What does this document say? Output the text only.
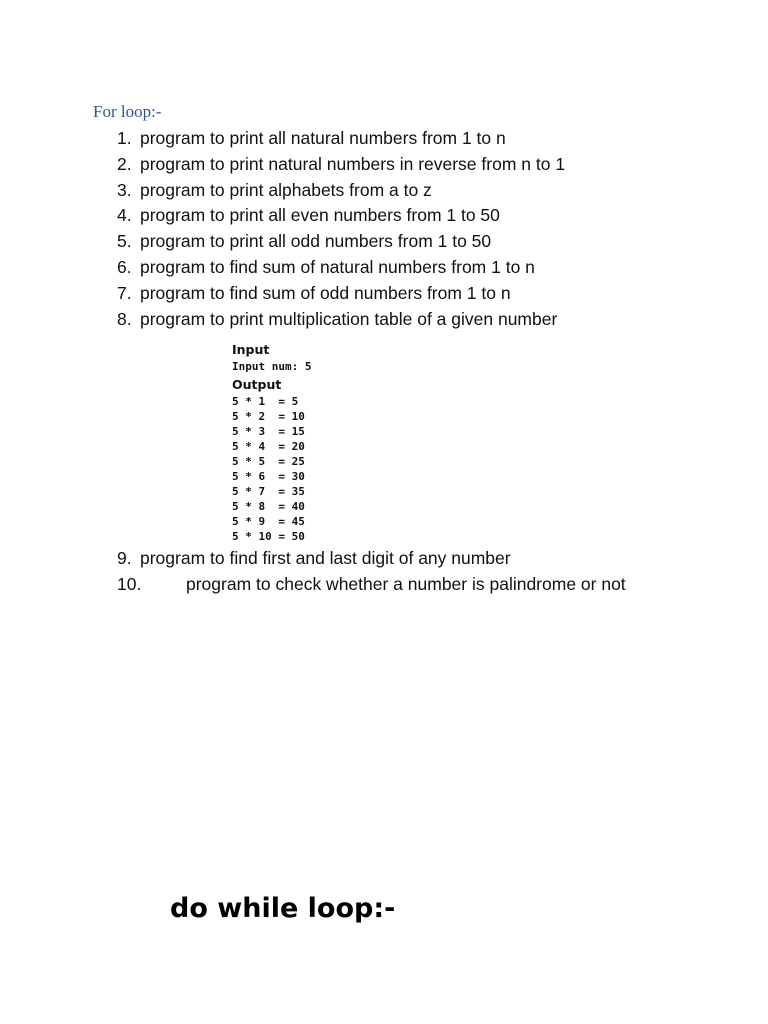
For loop:-
1. program to print all natural numbers from 1 to n
2. program to print natural numbers in reverse from n to 1
3. program to print alphabets from a to z
4. program to print all even numbers from 1 to 50
5. program to print all odd numbers from 1 to 50
6. program to find sum of natural numbers from 1 to n
7. program to find sum of odd numbers from 1 to n
8. program to print multiplication table of a given number
9. program to find first and last digit of any number
10.	program to check whether a number is palindrome or not
Input
Input num: 5
Output
5 * 1  = 5
5 * 2  = 10
5 * 3  = 15
5 * 4  = 20
5 * 5  = 25
5 * 6  = 30
5 * 7  = 35
5 * 8  = 40
5 * 9  = 45
5 * 10 = 50
do while loop:-
